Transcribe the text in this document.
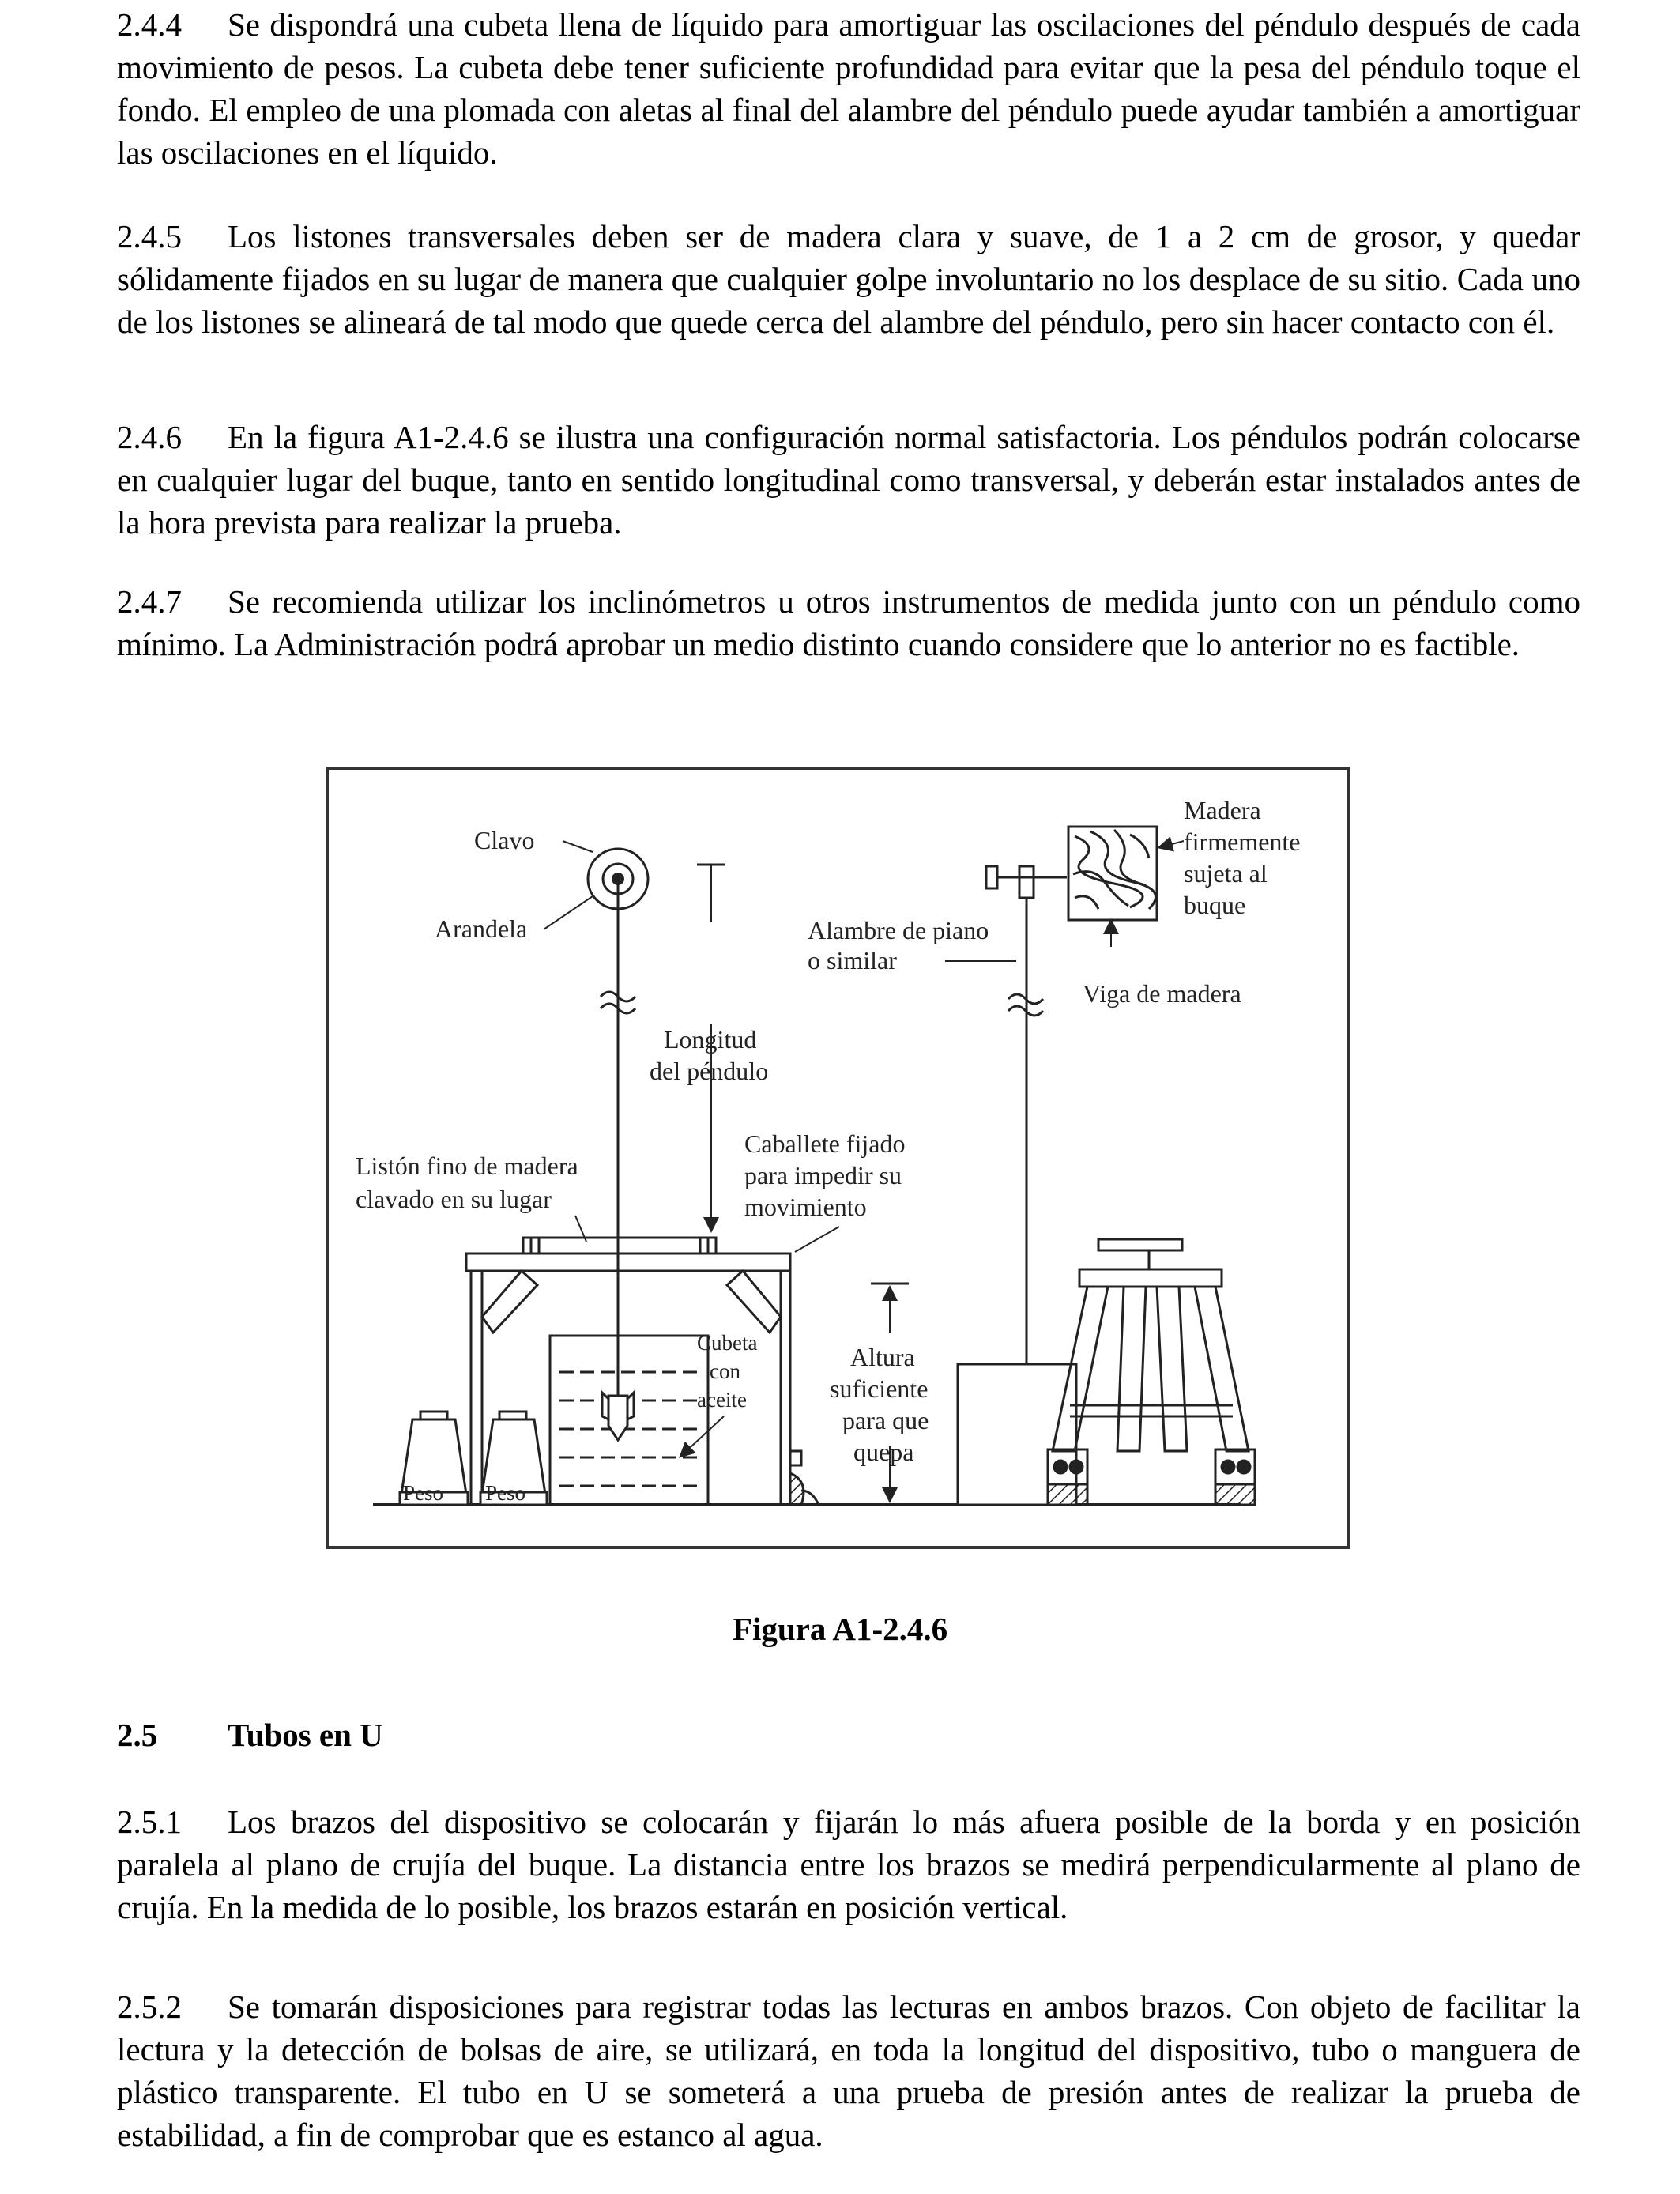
2.4.4 Se dispondrá una cubeta llena de líquido para amortiguar las oscilaciones del péndulo después de cada movimiento de pesos. La cubeta debe tener suficiente profundidad para evitar que la pesa del péndulo toque el fondo. El empleo de una plomada con aletas al final del alambre del péndulo puede ayudar también a amortiguar las oscilaciones en el líquido.

2.4.5 Los listones transversales deben ser de madera clara y suave, de 1 a 2 cm de grosor, y quedar sólidamente fijados en su lugar de manera que cualquier golpe involuntario no los desplace de su sitio. Cada uno de los listones se alineará de tal modo que quede cerca del alambre del péndulo, pero sin hacer contacto con él.

2.4.6 En la figura A1-2.4.6 se ilustra una configuración normal satisfactoria. Los péndulos podrán colocarse en cualquier lugar del buque, tanto en sentido longitudinal como transversal, y deberán estar instalados antes de la hora prevista para realizar la prueba.

2.4.7 Se recomienda utilizar los inclinómetros u otros instrumentos de medida junto con un péndulo como mínimo. La Administración podrá aprobar un medio distinto cuando considere que lo anterior no es factible.

Longitud
del péndulo
Clavo
Arandela
Listón fino de madera
clavado en su lugar
Caballete fijado
para impedir su
movimiento
Cubeta
con
aceite
Peso Peso
Altura
suficiente
para que
quepa
Alambre de piano
o similar
Madera
firmemente
sujeta al
buque
Viga de madera
Figura A1-2.4.6
2.5 Tubos en U

2.5.1 Los brazos del dispositivo se colocarán y fijarán lo más afuera posible de la borda y en posición paralela al plano de crujía del buque. La distancia entre los brazos se medirá perpendicularmente al plano de crujía. En la medida de lo posible, los brazos estarán en posición vertical.

2.5.2 Se tomarán disposiciones para registrar todas las lecturas en ambos brazos. Con objeto de facilitar la lectura y la detección de bolsas de aire, se utilizará, en toda la longitud del dispositivo, tubo o manguera de plástico transparente. El tubo en U se someterá a una prueba de presión antes de realizar la prueba de estabilidad, a fin de comprobar que es estanco al agua.
